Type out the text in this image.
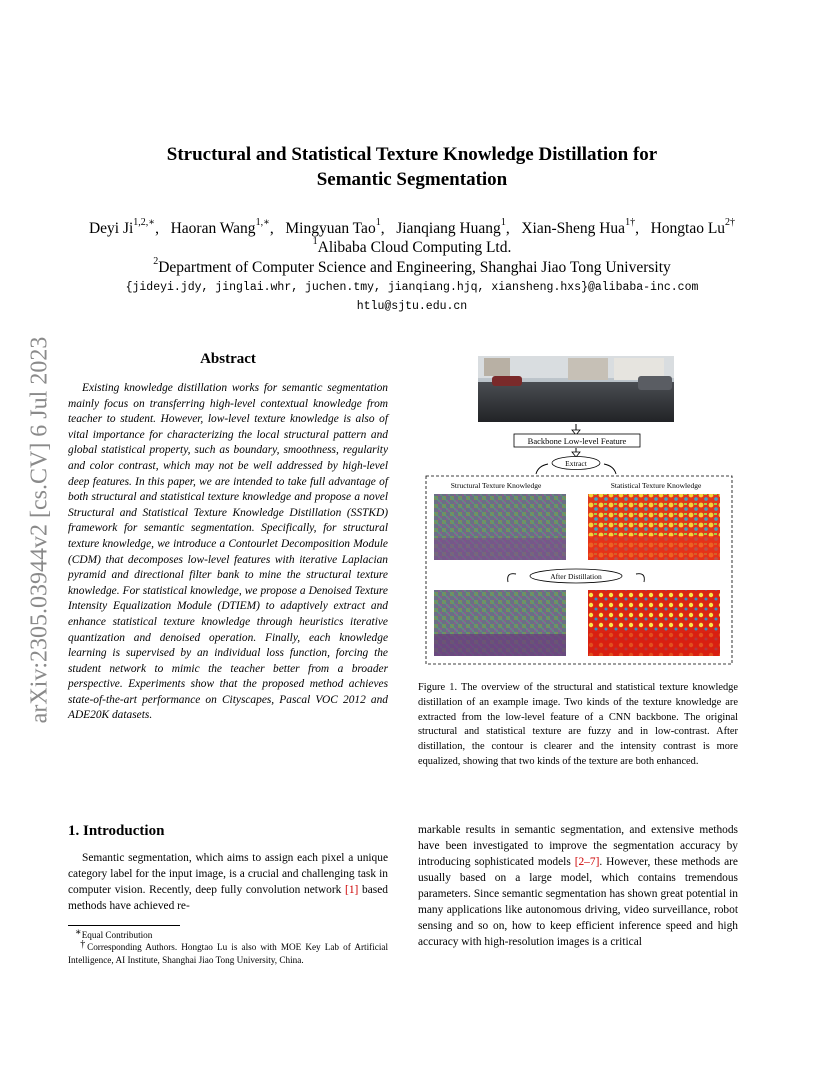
arXiv:2305.03944v2 [cs.CV] 6 Jul 2023
Structural and Statistical Texture Knowledge Distillation for
Semantic Segmentation
Deyi $Ji^{1,2,∗}$,   Haoran Wang$^{1,∗}$,   Mingyuan Tao$^1$,   Jianqiang Huang$^1$,   Xian-Sheng Hua$^{1\dagger}$,   Hongtao $Lu^{2\dagger}$
$^1$Alibaba Cloud Computing Ltd.
$^2$Department of Computer Science and Engineering, Shanghai Jiao Tong University
{jideyi.jdy, jinglai.whr, juchen.tmy, jianqiang.hjq, xiansheng.hxs}@alibaba-inc.com
htlu@sjtu.edu.cn
Abstract
Existing knowledge distillation works for semantic segmentation mainly focus on transferring high-level contextual knowledge from teacher to student. However, low-level texture knowledge is also of vital importance for characterizing the local structural pattern and global statistical property, such as boundary, smoothness, regularity and color contrast, which may not be well addressed by high-level deep features. In this paper, we are intended to take full advantage of both structural and statistical texture knowledge and propose a novel Structural and Statistical Texture Knowledge Distillation (SSTKD) framework for semantic segmentation. Specifically, for structural texture knowledge, we introduce a Contourlet Decomposition Module (CDM) that decomposes low-level features with iterative Laplacian pyramid and directional filter bank to mine the structural texture knowledge. For statistical knowledge, we propose a Denoised Texture Intensity Equalization Module (DTIEM) to adaptively extract and enhance statistical texture knowledge through heuristics iterative quantization and denoised operation. Finally, each knowledge learning is supervised by an individual loss function, forcing the student network to mimic the teacher better from a broader perspective. Experiments show that the proposed method achieves state-of-the-art performance on Cityscapes, Pascal VOC 2012 and ADE20K datasets.
1. Introduction
Semantic segmentation, which aims to assign each pixel a unique category label for the input image, is a crucial and challenging task in computer vision. Recently, deep fully convolution network [1] based methods have achieved re-
markable results in semantic segmentation, and extensive methods have been investigated to improve the segmentation accuracy by introducing sophisticated models [2–7]. However, these methods are usually based on a large model, which contains tremendous parameters. Since semantic segmentation has shown great potential in many applications like autonomous driving, video surveillance, robot sensing and so on, how to keep efficient inference speed and high accuracy with high-resolution images is a critical
∗Equal Contribution
†Corresponding Authors. Hongtao Lu is also with MOE Key Lab of Artificial Intelligence, AI Institute, Shanghai Jiao Tong University, China.
Backbone Low-level Feature
Extract
Structural Texture Knowledge	Statistical Texture Knowledge
After Distillation
Figure 1. The overview of the structural and statistical texture knowledge distillation of an example image. Two kinds of the texture knowledge are extracted from the low-level feature of a CNN backbone. The original structural and statistical texture are fuzzy and in low-contrast. After distillation, the contour is clearer and the intensity contrast is more equalized, showing that two kinds of the texture are both enhanced.
